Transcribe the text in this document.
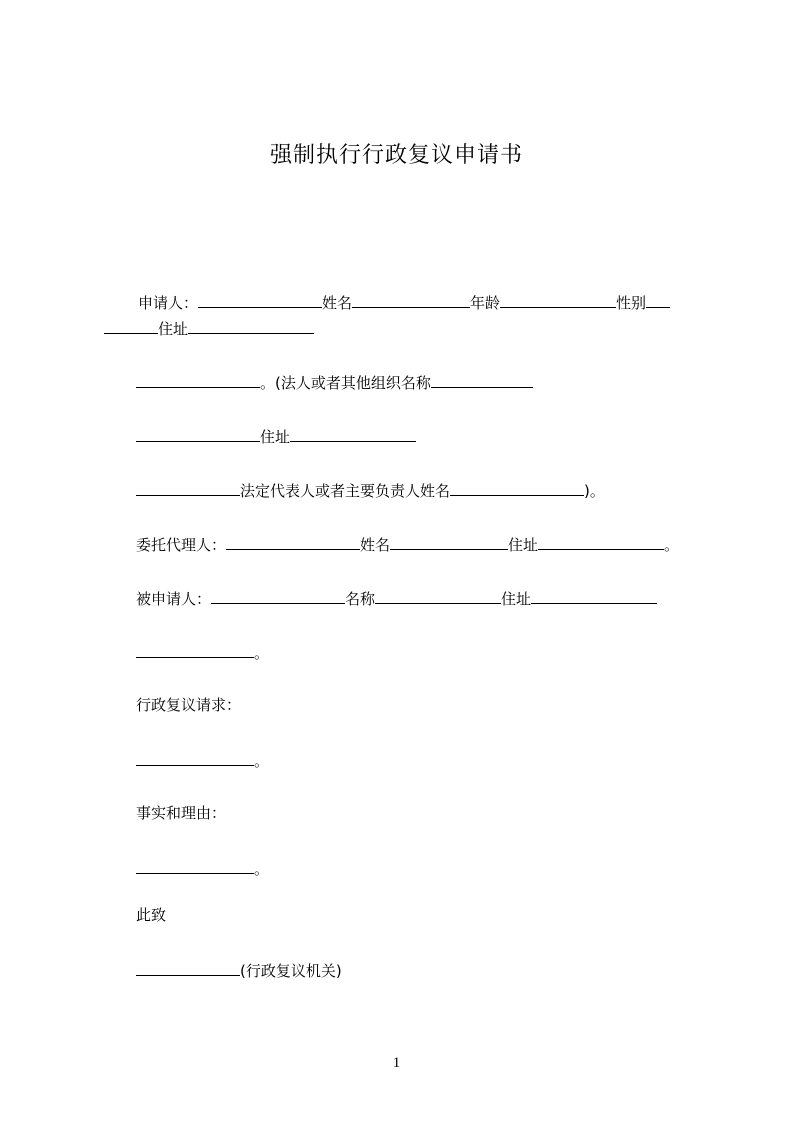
强制执行行政复议申请书
申请人：	姓名	年龄	性别
住址
。(法人或者其他组织名称
住址
法定代表人或者主要负责人姓名	)。
委托代理人：	姓名	住址	。
被申请人：	名称	住址
。
行政复议请求：
。
事实和理由：
。
此致
(行政复议机关)
1
